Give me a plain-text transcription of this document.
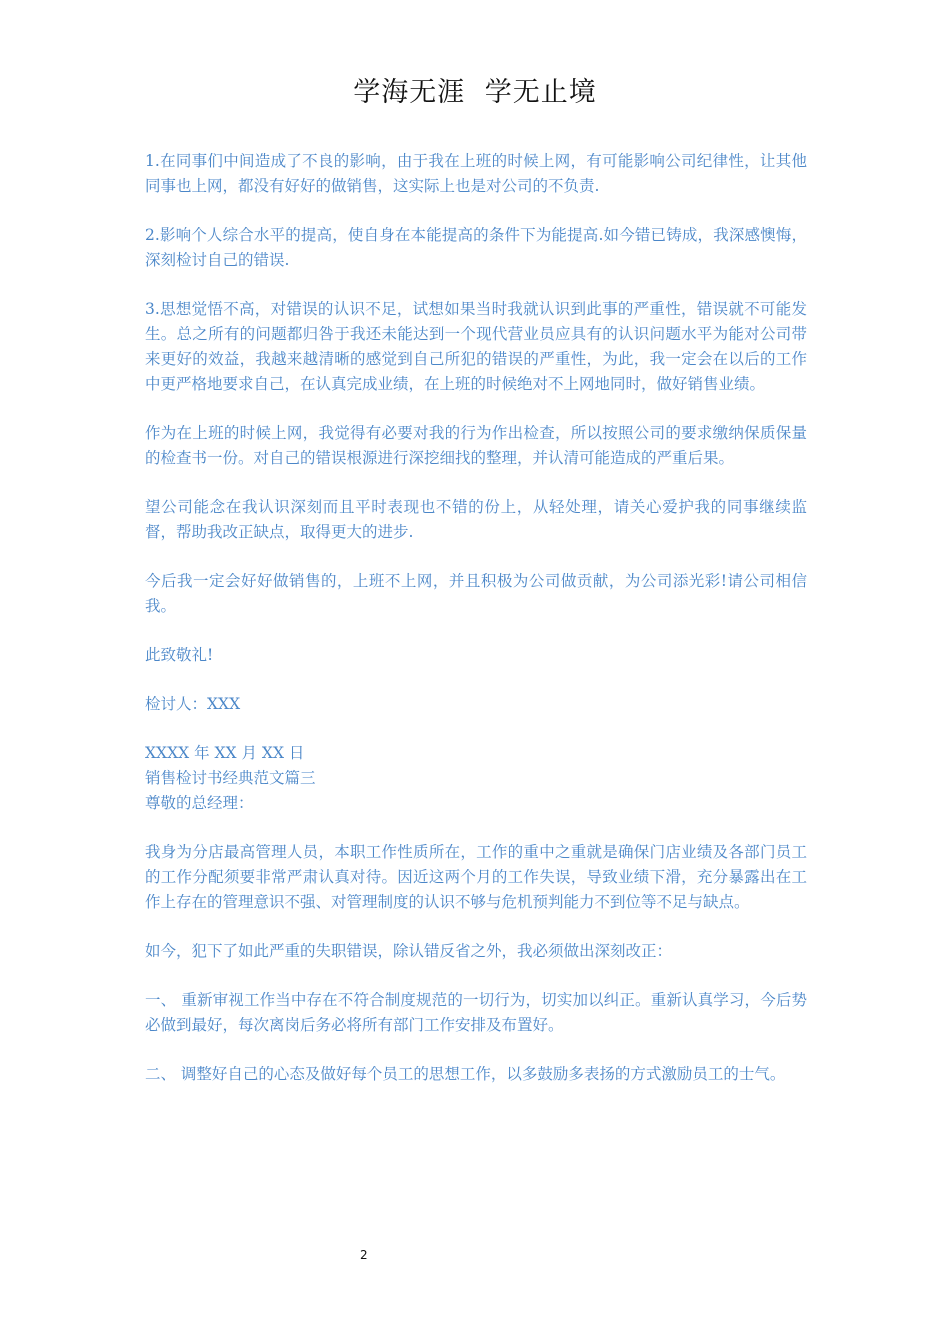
学海无涯 学无止境

1.在同事们中间造成了不良的影响，由于我在上班的时候上网，有可能影响公司纪律性，让其他同事也上网，都没有好好的做销售，这实际上也是对公司的不负责.

2.影响个人综合水平的提高，使自身在本能提高的条件下为能提高.如今错已铸成，我深感懊悔，深刻检讨自己的错误.

3.思想觉悟不高，对错误的认识不足，试想如果当时我就认识到此事的严重性，错误就不可能发生。总之所有的问题都归咎于我还未能达到一个现代营业员应具有的认识问题水平为能对公司带来更好的效益，我越来越清晰的感觉到自己所犯的错误的严重性，为此，我一定会在以后的工作中更严格地要求自己，在认真完成业绩，在上班的时候绝对不上网地同时，做好销售业绩。

作为在上班的时候上网，我觉得有必要对我的行为作出检查，所以按照公司的要求缴纳保质保量的检查书一份。对自己的错误根源进行深挖细找的整理，并认清可能造成的严重后果。

望公司能念在我认识深刻而且平时表现也不错的份上，从轻处理，请关心爱护我的同事继续监督，帮助我改正缺点，取得更大的进步.

今后我一定会好好做销售的，上班不上网，并且积极为公司做贡献，为公司添光彩!请公司相信我。

此致敬礼!

检讨人：XXX

XXXX 年 XX 月 XX 日

销售检讨书经典范文篇三

尊敬的总经理：

我身为分店最高管理人员，本职工作性质所在，工作的重中之重就是确保门店业绩及各部门员工的工作分配须要非常严肃认真对待。因近这两个月的工作失误，导致业绩下滑，充分暴露出在工作上存在的管理意识不强、对管理制度的认识不够与危机预判能力不到位等不足与缺点。

如今，犯下了如此严重的失职错误，除认错反省之外，我必须做出深刻改正：

一、 重新审视工作当中存在不符合制度规范的一切行为，切实加以纠正。重新认真学习，今后势必做到最好，每次离岗后务必将所有部门工作安排及布置好。

二、 调整好自己的心态及做好每个员工的思想工作，以多鼓励多表扬的方式激励员工的士气。

2
